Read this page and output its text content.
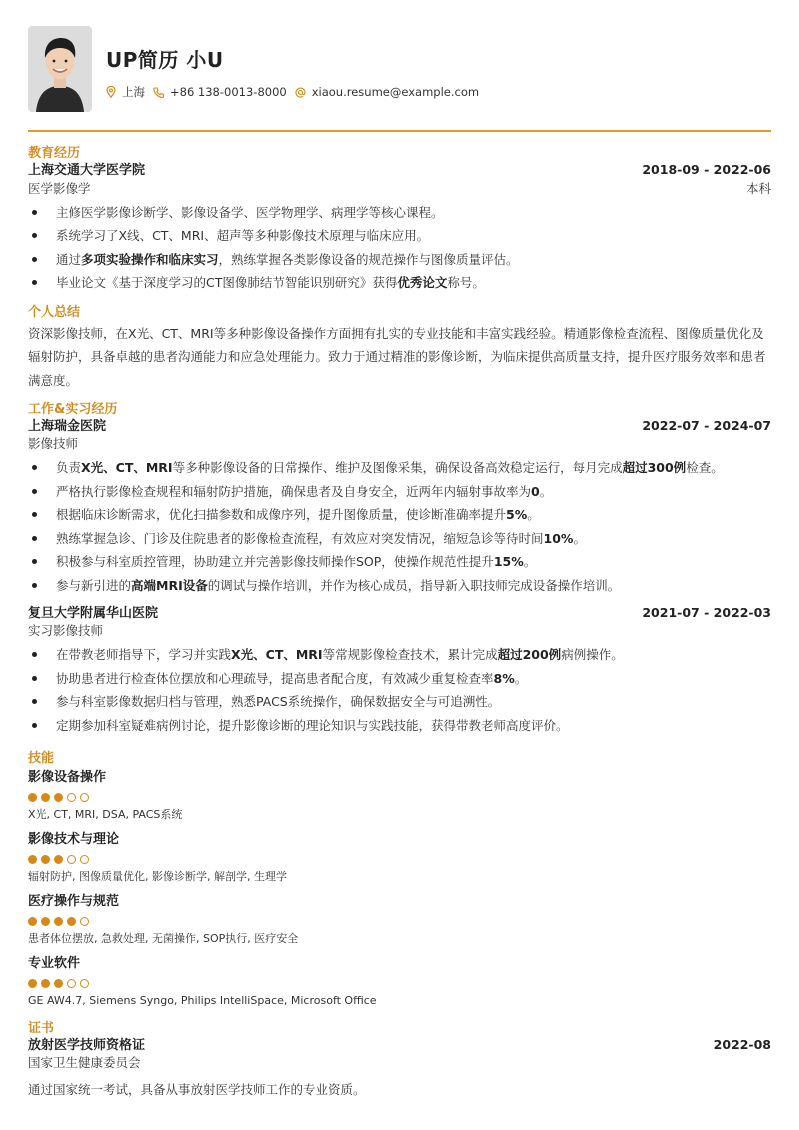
UP简历 小U
上海 +86 138-0013-8000 xiaou.resume@example.com
教育经历
上海交通大学医学院	2018-09 - 2022-06
医学影像学	本科
主修医学影像诊断学、影像设备学、医学物理学、病理学等核心课程。
系统学习了X线、CT、MRI、超声等多种影像技术原理与临床应用。
通过多项实验操作和临床实习，熟练掌握各类影像设备的规范操作与图像质量评估。
毕业论文《基于深度学习的CT图像肺结节智能识别研究》获得优秀论文称号。
个人总结
资深影像技师，在X光、CT、MRI等多种影像设备操作方面拥有扎实的专业技能和丰富实践经验。精通影像检查流程、图像质量优化及辐射防护，具备卓越的患者沟通能力和应急处理能力。致力于通过精准的影像诊断，为临床提供高质量支持，提升医疗服务效率和患者满意度。
工作&实习经历
上海瑞金医院	2022-07 - 2024-07
影像技师
负责X光、CT、MRI等多种影像设备的日常操作、维护及图像采集，确保设备高效稳定运行，每月完成超过300例检查。
严格执行影像检查规程和辐射防护措施，确保患者及自身安全，近两年内辐射事故率为0。
根据临床诊断需求，优化扫描参数和成像序列，提升图像质量，使诊断准确率提升5%。
熟练掌握急诊、门诊及住院患者的影像检查流程，有效应对突发情况，缩短急诊等待时间10%。
积极参与科室质控管理，协助建立并完善影像技师操作SOP，使操作规范性提升15%。
参与新引进的高端MRI设备的调试与操作培训，并作为核心成员，指导新入职技师完成设备操作培训。
复旦大学附属华山医院	2021-07 - 2022-03
实习影像技师
在带教老师指导下，学习并实践X光、CT、MRI等常规影像检查技术，累计完成超过200例病例操作。
协助患者进行检查体位摆放和心理疏导，提高患者配合度，有效减少重复检查率8%。
参与科室影像数据归档与管理，熟悉PACS系统操作，确保数据安全与可追溯性。
定期参加科室疑难病例讨论，提升影像诊断的理论知识与实践技能，获得带教老师高度评价。
技能
影像设备操作
X光, CT, MRI, DSA, PACS系统
影像技术与理论
辐射防护, 图像质量优化, 影像诊断学, 解剖学, 生理学
医疗操作与规范
患者体位摆放, 急救处理, 无菌操作, SOP执行, 医疗安全
专业软件
GE AW4.7, Siemens Syngo, Philips IntelliSpace, Microsoft Office
证书
放射医学技师资格证	2022-08
国家卫生健康委员会
通过国家统一考试，具备从事放射医学技师工作的专业资质。
